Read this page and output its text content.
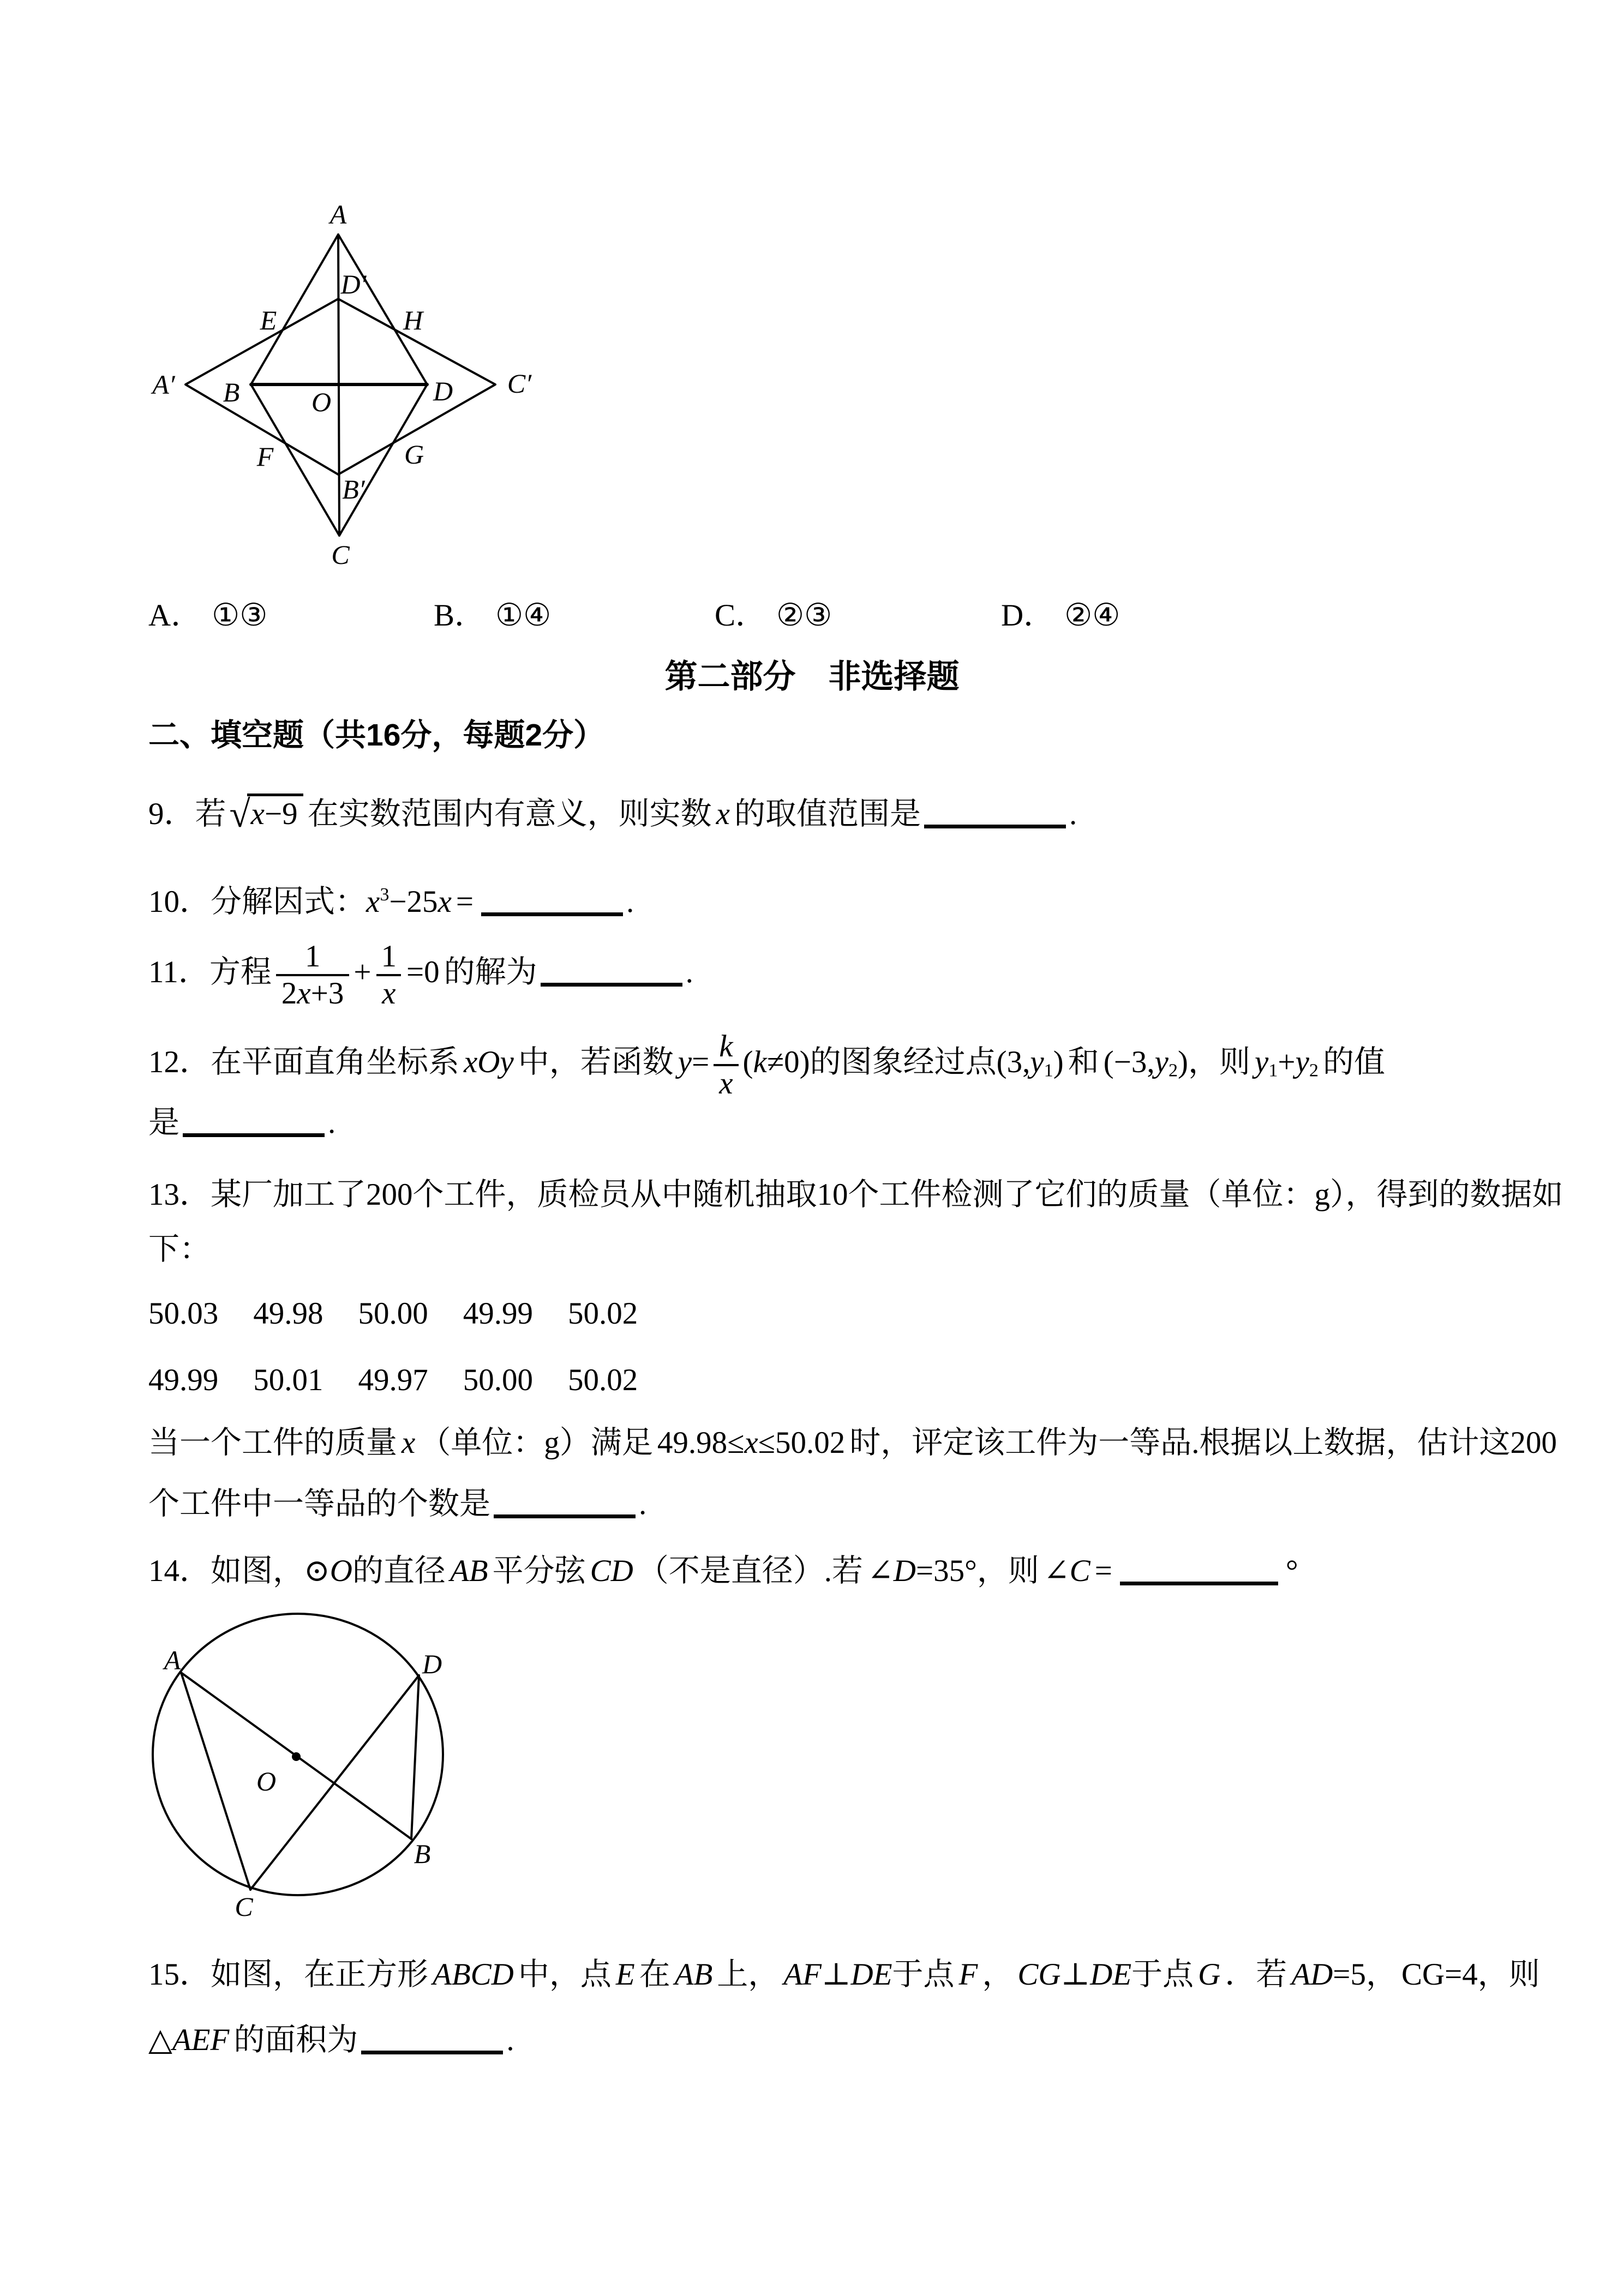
A
D′
E	H
A′ B	O	D C′
F	G
B′
C
A． ①③	B． ①④	C． ②③	D． ②④
第二部分　非选择题
二、填空题（共16分，每题2分）
9．若√x−9 在实数范围内有意义，则实数 x 的取值范围是	.
10．分解因式：$x^3-25x$ =	.
11．方程 $\frac{1}{2x+3} + \frac{1}{x} =0$ 的解为	.
12．在平面直角坐标系 xOy 中，若函数 $y= \frac{k}{x} (k\ne 0)$的图象经过点$(3,y_1)$ 和 $(-3,y_2)$，则 $y_1+y_2$ 的值
是	.
13．某厂加工了200个工件，质检员从中随机抽取10个工件检测了它们的质量（单位：g），得到的数据如
下：
50.03 49.98 50.00 49.99 50.02
49.99 50.01 49.97 50.00 50.02
当一个工件的质量 x （单位：g）满足 49.98≤x≤50.02 时，评定该工件为一等品.根据以上数据，估计这200
个工件中一等品的个数是	.
14．如图，⊙O的直径 AB 平分弦 CD （不是直径）.若 ∠D=35°，则 ∠C =	°
A	D
O
B
C
15．如图，在正方形 ABCD 中，点 E 在 AB 上， AF⊥DE于点 F ， CG⊥DE于点 G ．若 AD=5， CG=4，则
△AEF 的面积为	.
